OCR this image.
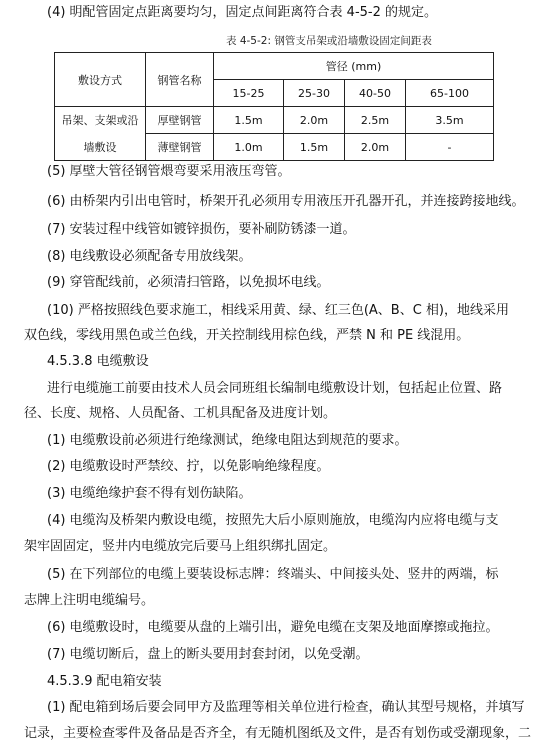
(4) 明配管固定点距离要均匀，固定点间距离符合表 4-5-2 的规定。
表 4-5-2: 钢管支吊架或沿墙敷设固定间距表
敷设方式	钢管名称	管径 (mm)			
		15-25	25-30	40-50	65-100
吊架、支架或沿	厚壁钢管	1.5m	2.0m	2.5m	3.5m
墙敷设	薄壁钢管	1.0m	1.5m	2.0m	-
(5) 厚壁大管径钢管煨弯要采用液压弯管。
(6) 由桥架内引出电管时，桥架开孔必须用专用液压开孔器开孔，并连接跨接地线。
(7) 安装过程中线管如镀锌损伤，要补刷防锈漆一道。
(8) 电线敷设必须配备专用放线架。
(9) 穿管配线前，必须清扫管路，以免损坏电线。
(10) 严格按照线色要求施工，相线采用黄、绿、红三色(A、B、C 相)，地线采用
双色线，零线用黑色或兰色线，开关控制线用棕色线，严禁 N 和 PE 线混用。
4.5.3.8 电缆敷设
进行电缆施工前要由技术人员会同班组长编制电缆敷设计划，包括起止位置、路
径、长度、规格、人员配备、工机具配备及进度计划。
(1) 电缆敷设前必须进行绝缘测试，绝缘电阻达到规范的要求。
(2) 电缆敷设时严禁绞、拧，以免影响绝缘程度。
(3) 电缆绝缘护套不得有划伤缺陷。
(4) 电缆沟及桥架内敷设电缆，按照先大后小原则施放，电缆沟内应将电缆与支
架牢固固定，竖井内电缆放完后要马上组织绑扎固定。
(5) 在下列部位的电缆上要装设标志牌：终端头、中间接头处、竖井的两端，标
志牌上注明电缆编号。
(6) 电缆敷设时，电缆要从盘的上端引出，避免电缆在支架及地面摩擦或拖拉。
(7) 电缆切断后，盘上的断头要用封套封闭，以免受潮。
4.5.3.9 配电箱安装
(1) 配电箱到场后要会同甲方及监理等相关单位进行检查，确认其型号规格，并填写
记录，主要检查零件及备品是否齐全，有无随机图纸及文件，是否有划伤或受潮现象，二
